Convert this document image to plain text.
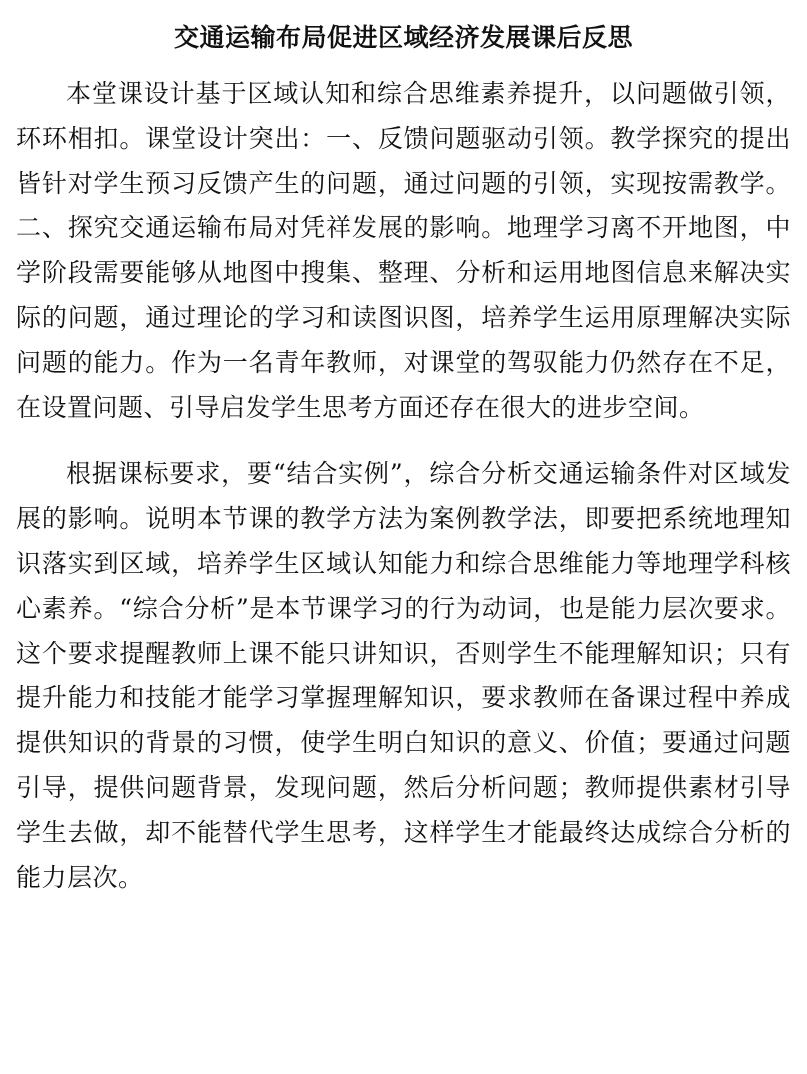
交通运输布局促进区域经济发展课后反思

本堂课设计基于区域认知和综合思维素养提升，以问题做引领，环环相扣。课堂设计突出：一、反馈问题驱动引领。教学探究的提出皆针对学生预习反馈产生的问题，通过问题的引领，实现按需教学。二、探究交通运输布局对凭祥发展的影响。地理学习离不开地图，中学阶段需要能够从地图中搜集、整理、分析和运用地图信息来解决实际的问题，通过理论的学习和读图识图，培养学生运用原理解决实际问题的能力。作为一名青年教师，对课堂的驾驭能力仍然存在不足，在设置问题、引导启发学生思考方面还存在很大的进步空间。

根据课标要求，要“结合实例”，综合分析交通运输条件对区域发展的影响。说明本节课的教学方法为案例教学法，即要把系统地理知识落实到区域，培养学生区域认知能力和综合思维能力等地理学科核心素养。“综合分析”是本节课学习的行为动词，也是能力层次要求。这个要求提醒教师上课不能只讲知识，否则学生不能理解知识；只有提升能力和技能才能学习掌握理解知识，要求教师在备课过程中养成提供知识的背景的习惯，使学生明白知识的意义、价值；要通过问题引导，提供问题背景，发现问题，然后分析问题；教师提供素材引导学生去做，却不能替代学生思考，这样学生才能最终达成综合分析的能力层次。
